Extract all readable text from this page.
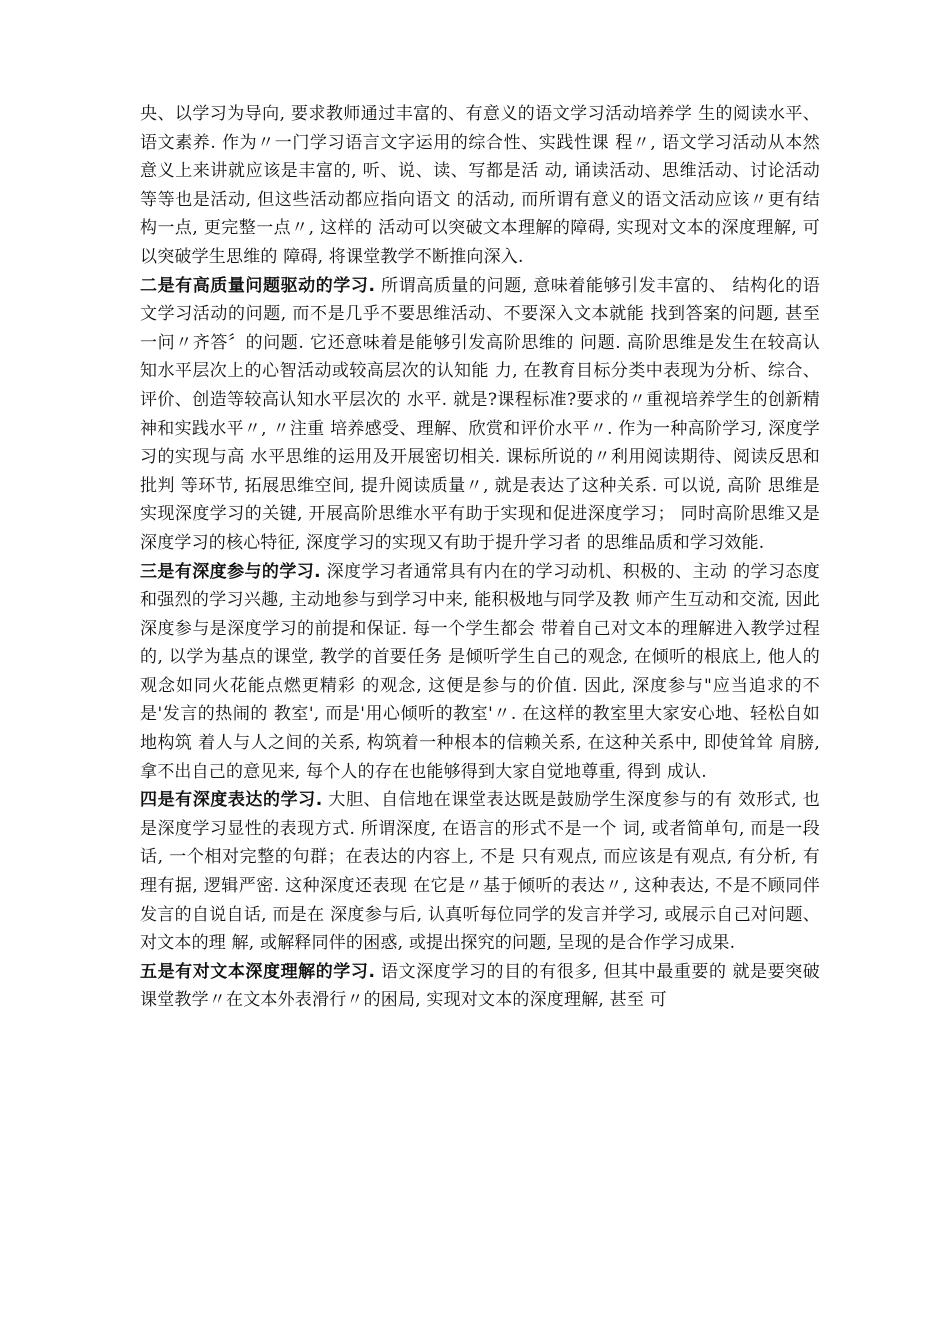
央、以学习为导向, 要求教师通过丰富的、有意义的语文学习活动培养学 生的阅读水平、语文素养. 作为〃一门学习语言文字运用的综合性、实践性课 程〃, 语文学习活动从本然意义上来讲就应该是丰富的, 听、说、读、写都是活 动, 诵读活动、思维活动、讨论活动等等也是活动, 但这些活动都应指向语文 的活动, 而所谓有意义的语文活动应该〃更有结构一点, 更完整一点〃, 这样的 活动可以突破文本理解的障碍, 实现对文本的深度理解, 可以突破学生思维的 障碍, 将课堂教学不断推向深入.

二是有高质量问题驱动的学习. 所谓高质量的问题, 意味着能够引发丰富的、 结构化的语文学习活动的问题, 而不是几乎不要思维活动、不要深入文本就能 找到答案的问题, 甚至一问〃齐答〞的问题. 它还意味着是能够引发高阶思维的 问题. 高阶思维是发生在较高认知水平层次上的心智活动或较高层次的认知能 力, 在教育目标分类中表现为分析、综合、评价、创造等较高认知水平层次的 水平. 就是?课程标准?要求的〃重视培养学生的创新精神和实践水平〃, 〃注重 培养感受、理解、欣赏和评价水平〃. 作为一种高阶学习, 深度学习的实现与高 水平思维的运用及开展密切相关. 课标所说的〃利用阅读期待、阅读反思和批判 等环节, 拓展思维空间, 提升阅读质量〃, 就是表达了这种关系. 可以说, 高阶 思维是实现深度学习的关键, 开展高阶思维水平有助于实现和促进深度学习； 同时高阶思维又是深度学习的核心特征, 深度学习的实现又有助于提升学习者 的思维品质和学习效能.

三是有深度参与的学习. 深度学习者通常具有内在的学习动机、积极的、主动 的学习态度和强烈的学习兴趣, 主动地参与到学习中来, 能积极地与同学及教 师产生互动和交流, 因此深度参与是深度学习的前提和保证. 每一个学生都会 带着自己对文本的理解进入教学过程的, 以学为基点的课堂, 教学的首要任务 是倾听学生自己的观念, 在倾听的根底上, 他人的观念如同火花能点燃更精彩 的观念, 这便是参与的价值. 因此, 深度参与"应当追求的不是'发言的热闹的 教室', 而是'用心倾听的教室'〃. 在这样的教室里大家安心地、轻松自如地构筑 着人与人之间的关系, 构筑着一种根本的信赖关系, 在这种关系中, 即使耸耸 肩膀, 拿不出自己的意见来, 每个人的存在也能够得到大家自觉地尊重, 得到 成认.

四是有深度表达的学习. 大胆、自信地在课堂表达既是鼓励学生深度参与的有 效形式, 也是深度学习显性的表现方式. 所谓深度, 在语言的形式不是一个 词, 或者简单句, 而是一段话, 一个相对完整的句群；在表达的内容上, 不是 只有观点, 而应该是有观点, 有分析, 有理有据, 逻辑严密. 这种深度还表现 在它是〃基于倾听的表达〃, 这种表达, 不是不顾同伴发言的自说自话, 而是在 深度参与后, 认真听每位同学的发言并学习, 或展示自己对问题、对文本的理 解, 或解释同伴的困惑, 或提出探究的问题, 呈现的是合作学习成果.

五是有对文本深度理解的学习. 语文深度学习的目的有很多, 但其中最重要的 就是要突破课堂教学〃在文本外表滑行〃的困局, 实现对文本的深度理解, 甚至 可
